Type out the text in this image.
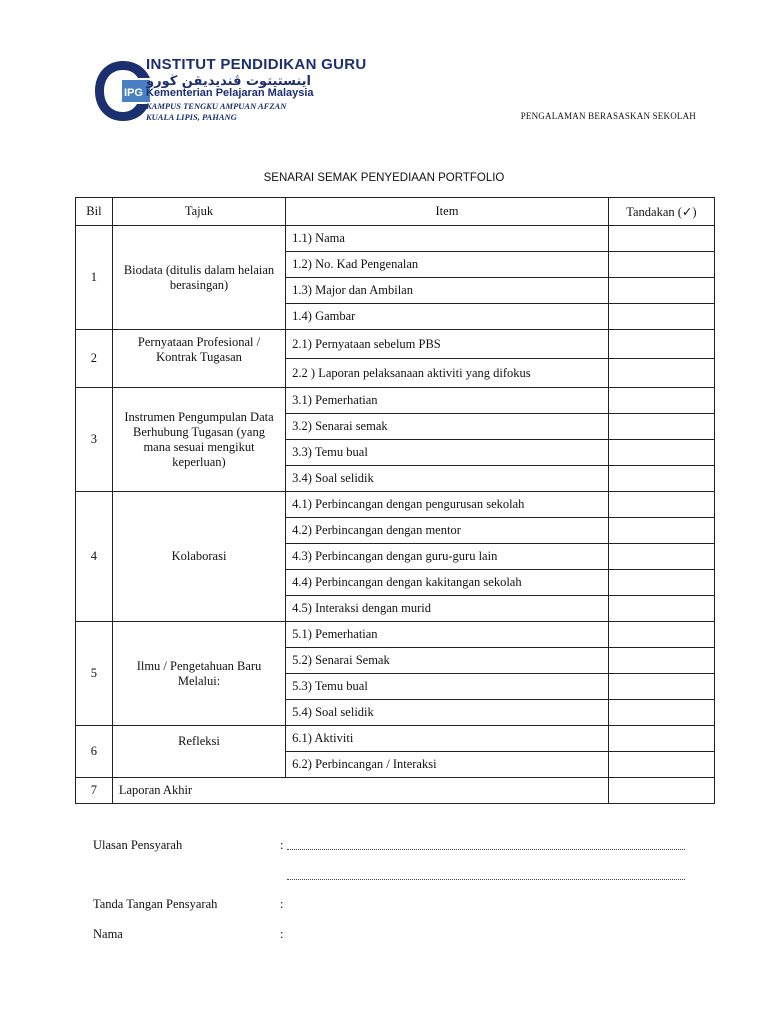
IPG
INSTITUT PENDIDIKAN GURU
اينستيتوت ڤنديديقن ڬورو
Kementerian Pelajaran Malaysia
KAMPUS TENGKU AMPUAN AFZAN
KUALA LIPIS, PAHANG	PENGALAMAN BERASASKAN SEKOLAH
SENARAI SEMAK PENYEDIAAN PORTFOLIO
Bil	Tajuk	Item	Tandakan (✓)
1	Biodata (ditulis dalam helaian berasingan)	1.1) Nama	
		1.2) No. Kad Pengenalan	
		1.3) Major dan Ambilan	
		1.4) Gambar	
2	Pernyataan Profesional / Kontrak Tugasan	2.1) Pernyataan sebelum PBS	
		2.2 ) Laporan pelaksanaan aktiviti yang difokus	
3	Instrumen Pengumpulan Data Berhubung Tugasan (yang mana sesuai mengikut keperluan)	3.1) Pemerhatian	
		3.2) Senarai semak	
		3.3) Temu bual	
		3.4) Soal selidik	
4	Kolaborasi	4.1) Perbincangan dengan pengurusan sekolah	
		4.2) Perbincangan dengan mentor	
		4.3) Perbincangan dengan guru-guru lain	
		4.4) Perbincangan dengan kakitangan sekolah	
		4.5) Interaksi dengan murid	
5	Ilmu / Pengetahuan Baru Melalui:	5.1) Pemerhatian	
		5.2) Senarai Semak	
		5.3) Temu bual	
		5.4) Soal selidik	
6	Refleksi	6.1) Aktiviti	
		6.2) Perbincangan / Interaksi	
7	Laporan Akhir		
Ulasan Pensyarah	:
Tanda Tangan Pensyarah	:
Nama	:
